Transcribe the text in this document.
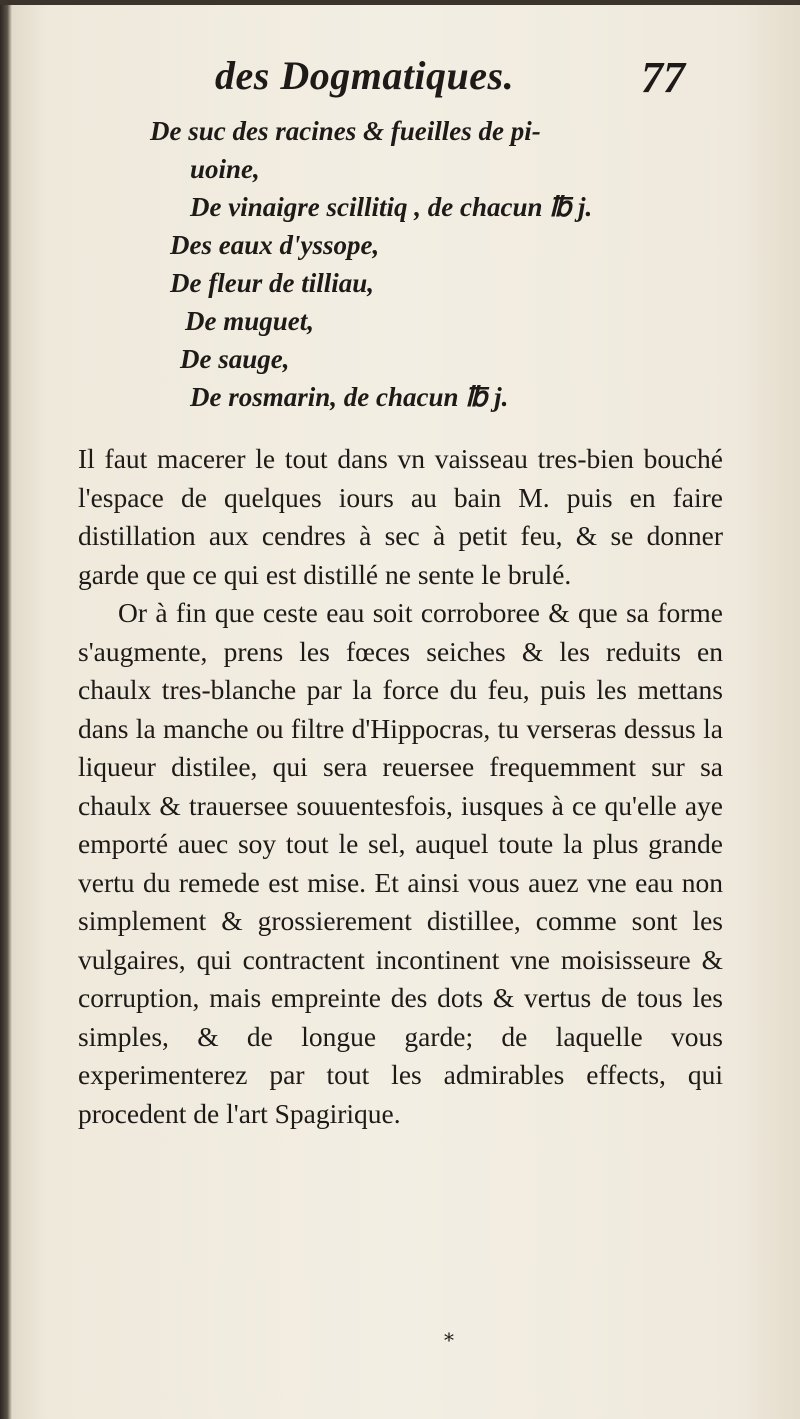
des Dogmatiques.	77
De suc des racines & fueilles de pi-
uoine,
De vinaigre scillitiq , de chacun ℔ j.
Des eaux d'yssope,
De fleur de tilliau,
De muguet,
De sauge,
De rosmarin, de chacun ℔ j.

Il faut macerer le tout dans vn vaisseau tres-bien bouché l'espace de quelques iours au bain M. puis en faire distillation aux cendres à sec à petit feu, & se donner garde que ce qui est distillé ne sente le brulé.

Or à fin que ceste eau soit corroboree & que sa forme s'augmente, prens les fœces seiches & les reduits en chaulx tres-blanche par la force du feu, puis les mettans dans la manche ou filtre d'Hippocras, tu verseras dessus la liqueur distilee, qui sera reuersee frequemment sur sa chaulx & trauersee souuentesfois, iusques à ce qu'elle aye emporté auec soy tout le sel, auquel toute la plus grande vertu du remede est mise. Et ainsi vous auez vne eau non simplement & grossierement distillee, comme sont les vulgaires, qui contractent incontinent vne moisisseure & corruption, mais empreinte des dots & vertus de tous les simples, & de longue garde; de laquelle vous experimenterez par tout les admirables effects, qui procedent de l'art Spagirique.

⁎
